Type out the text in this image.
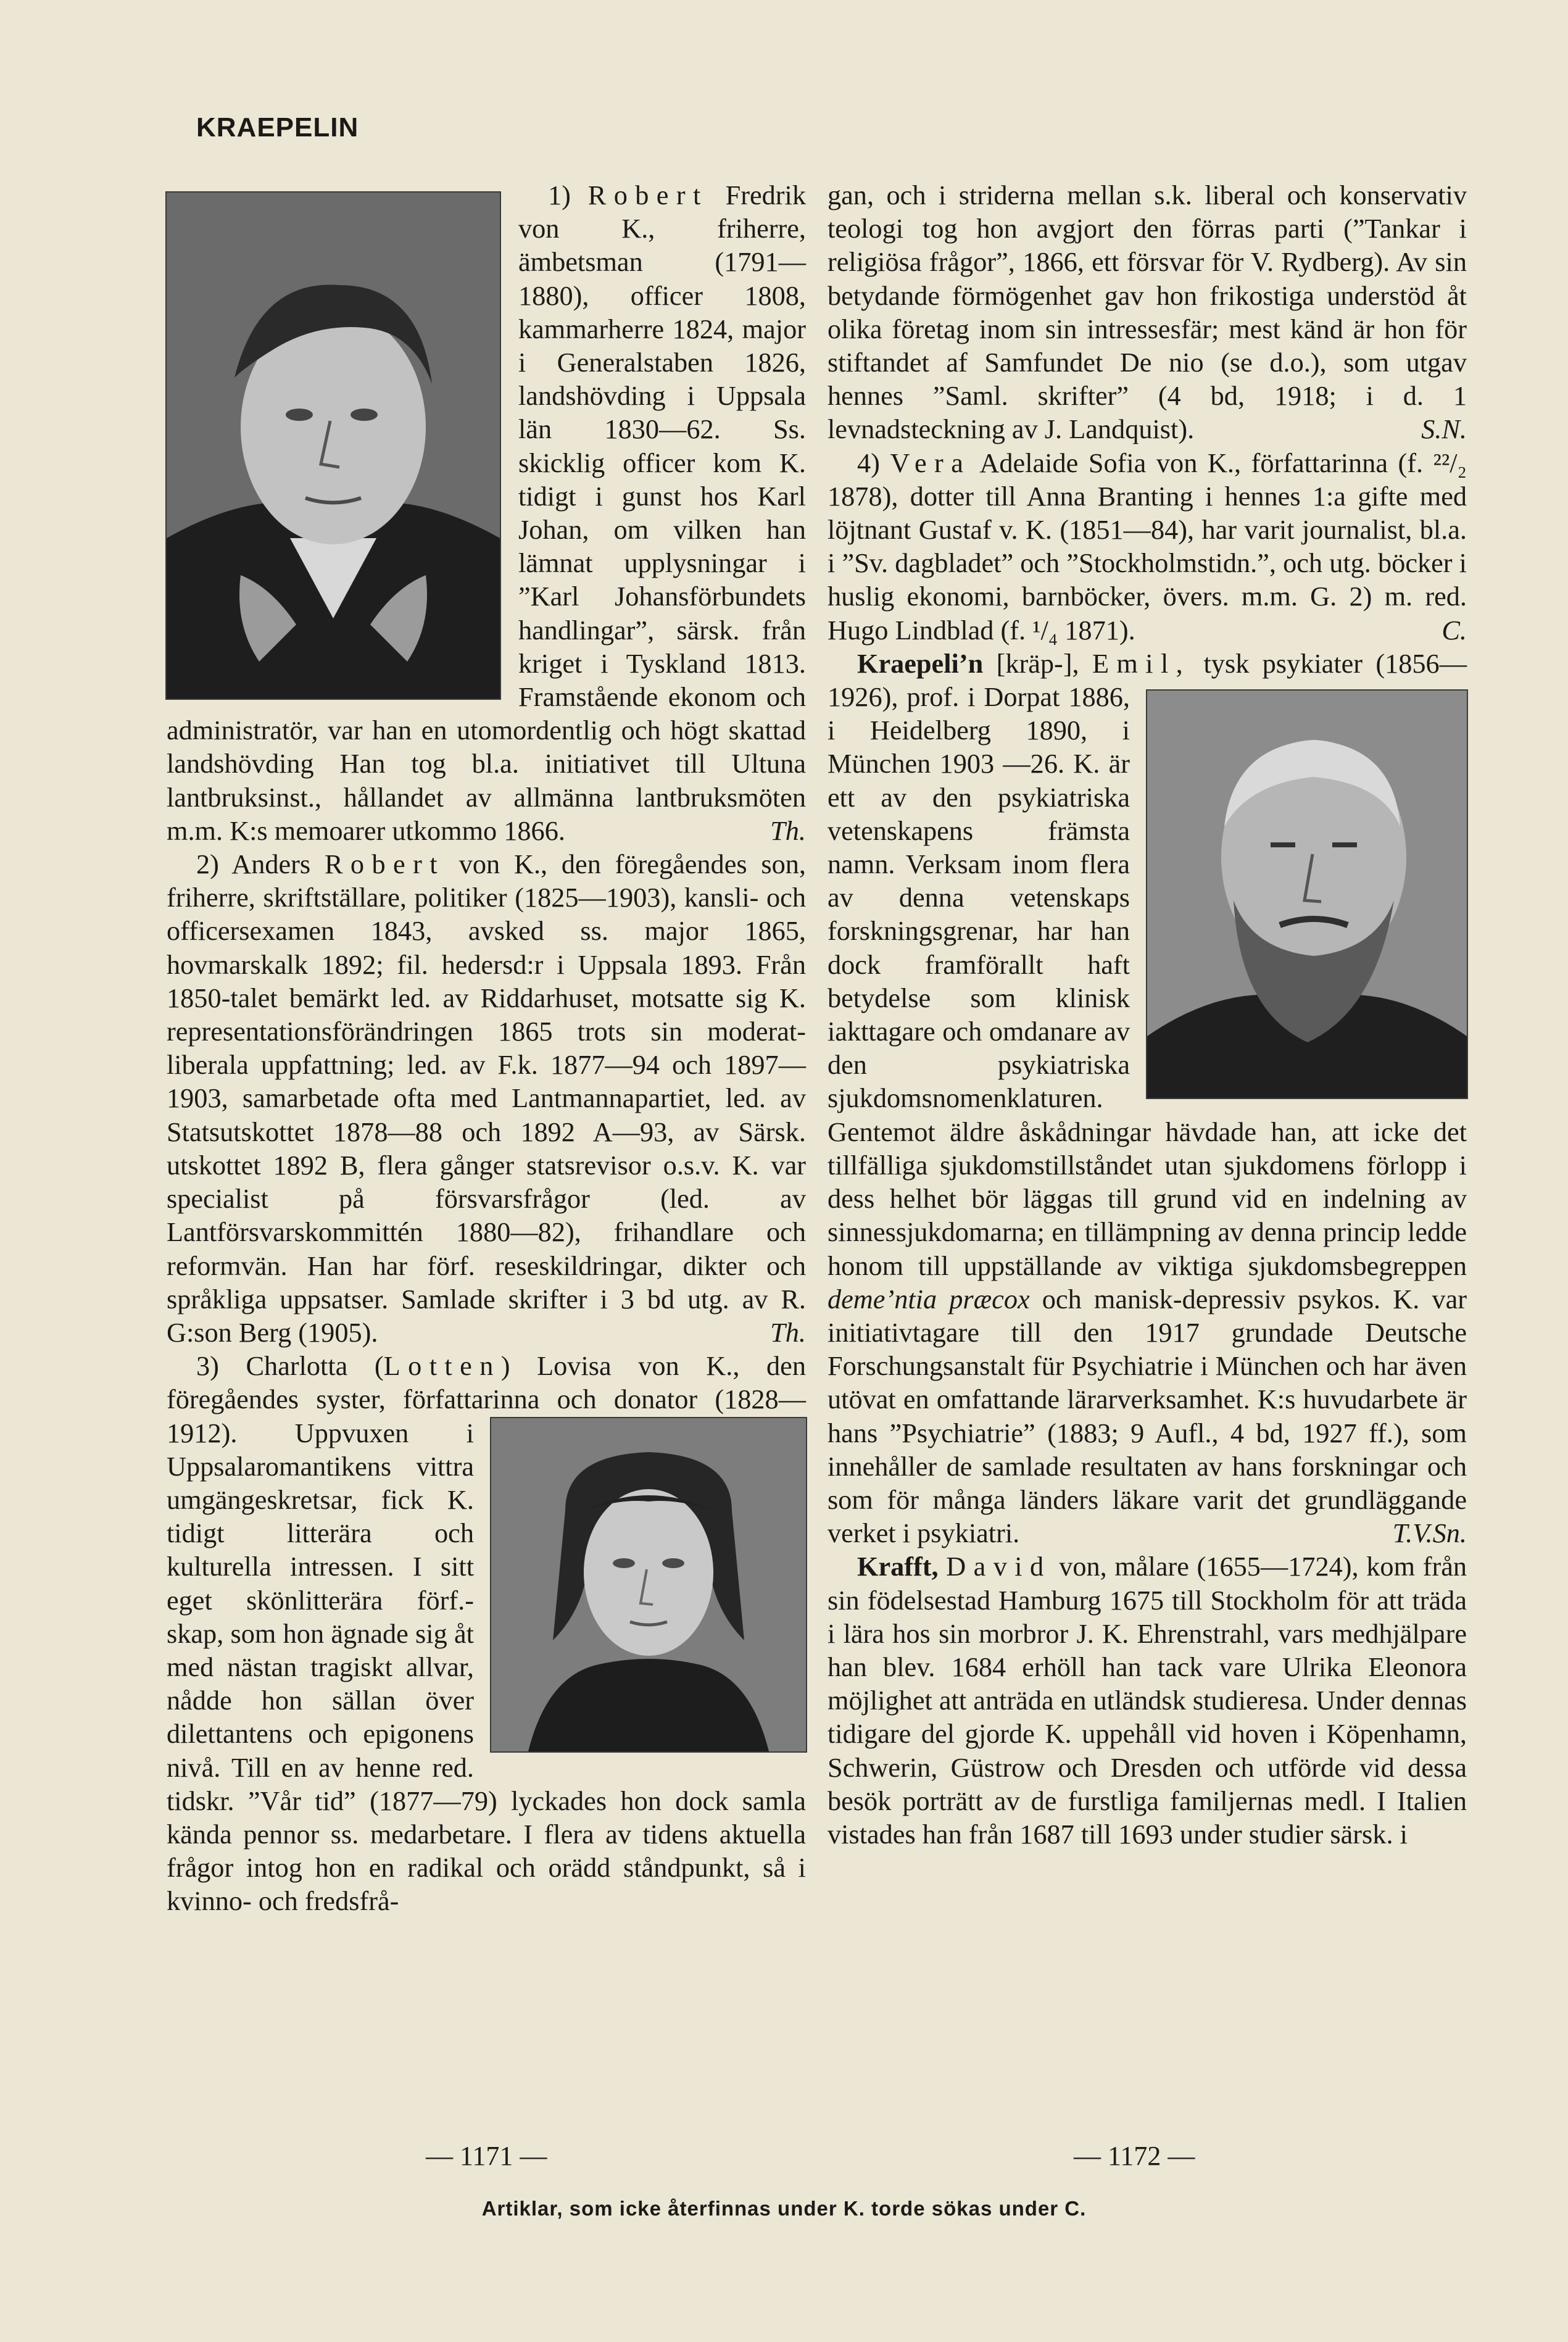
KRAEPELIN

1) Robert Fredrik von K., friherre, ämbetsman (1791—1880), officer 1808, kammarherre 1824, major i Generalstaben 1826, landshövding i Uppsala län 1830—62. Ss. skicklig officer kom K. tidigt i gunst hos Karl Johan, om vilken han lämnat upplysningar i ”Karl Johansförbundets handlingar”, särsk. från kriget i Tyskland 1813. Framstående ekonom och administratör, var han en utomordentlig och högt skattad landshövding Han tog bl.a. initiativet till Ultuna lantbruksinst., hållandet av allmänna lantbruksmöten m.m. K:s memoarer utkommo 1866.	Th.

2) Anders Robert von K., den föregåendes son, friherre, skriftställare, politiker (1825—1903), kansli- och officersexamen 1843, avsked ss. major 1865, hovmarskalk 1892; fil. hedersd:r i Uppsala 1893. Från 1850-talet bemärkt led. av Riddarhuset, motsatte sig K. representationsförändringen 1865 trots sin moderat-liberala uppfattning; led. av F.k. 1877—94 och 1897—1903, samarbetade ofta med Lantmannapartiet, led. av Statsutskottet 1878—88 och 1892 A—93, av Särsk. utskottet 1892 B, flera gånger statsrevisor o.s.v. K. var specialist på försvarsfrågor (led. av Lantförsvarskommittén 1880—82), frihandlare och reformvän. Han har förf. reseskildringar, dikter och språkliga uppsatser. Samlade skrifter i 3 bd utg. av R. G:son Berg (1905).	Th.

3) Charlotta (Lotten) Lovisa von K., den föregåendes syster, författarinna och donator (1828—1912). Uppvuxen i Uppsalaromantikens vittra umgängeskretsar, fick K. tidigt litterära och kulturella intressen. I sitt eget skönlitterära förf.-skap, som hon ägnade sig åt med nästan tragiskt allvar, nådde hon sällan över dilettantens och epigonens nivå. Till en av henne red. tidskr. ”Vår tid” (1877—79) lyckades hon dock samla kända pennor ss. medarbetare. I flera av tidens aktuella frågor intog hon en radikal och orädd ståndpunkt, så i kvinno- och fredsfrå-

gan, och i striderna mellan s.k. liberal och konservativ teologi tog hon avgjort den förras parti (”Tankar i religiösa frågor”, 1866, ett försvar för V. Rydberg). Av sin betydande förmögenhet gav hon frikostiga understöd åt olika företag inom sin intressesfär; mest känd är hon för stiftandet af Samfundet De nio (se d.o.), som utgav hennes ”Saml. skrifter” (4 bd, 1918; i d. 1 levnadsteckning av J. Landquist).	S.N.

4) Vera Adelaide Sofia von K., författarinna (f. ²²/₂ 1878), dotter till Anna Branting i hennes 1:a gifte med löjtnant Gustaf v. K. (1851—84), har varit journalist, bl.a. i ”Sv. dagbladet” och ”Stockholmstidn.”, och utg. böcker i huslig ekonomi, barnböcker, övers. m.m. G. 2) m. red. Hugo Lindblad (f. ¹/₄ 1871).	C.

Kraepeli’n [kräp-], Emil, tysk psykiater (1856—1926), prof. i Dorpat 1886, i Heidelberg 1890, i München 1903 —26. K. är ett av den psykiatriska vetenskapens främsta namn. Verksam inom flera av denna vetenskaps forskningsgrenar, har han dock framförallt haft betydelse som klinisk iakttagare och omdanare av den psykiatriska sjukdomsnomenklaturen. Gentemot äldre åskådningar hävdade han, att icke det tillfälliga sjukdomstillståndet utan sjukdomens förlopp i dess helhet bör läggas till grund vid en indelning av sinnessjukdomarna; en tillämpning av denna princip ledde honom till uppställande av viktiga sjukdomsbegreppen deme’ntia præcox och manisk-depressiv psykos. K. var initiativtagare till den 1917 grundade Deutsche Forschungsanstalt für Psychiatrie i München och har även utövat en omfattande lärarverksamhet. K:s huvudarbete är hans ”Psychiatrie” (1883; 9 Aufl., 4 bd, 1927 ff.), som innehåller de samlade resultaten av hans forskningar och som för många länders läkare varit det grundläggande verket i psykiatri.	T.V.Sn.

Krafft, David von, målare (1655—1724), kom från sin födelsestad Hamburg 1675 till Stockholm för att träda i lära hos sin morbror J. K. Ehrenstrahl, vars medhjälpare han blev. 1684 erhöll han tack vare Ulrika Eleonora möjlighet att anträda en utländsk studieresa. Under dennas tidigare del gjorde K. uppehåll vid hoven i Köpenhamn, Schwerin, Güstrow och Dresden och utförde vid dessa besök porträtt av de furstliga familjernas medl. I Italien vistades han från 1687 till 1693 under studier särsk. i

— 1171 —	— 1172 —
Artiklar, som icke återfinnas under K. torde sökas under C.
